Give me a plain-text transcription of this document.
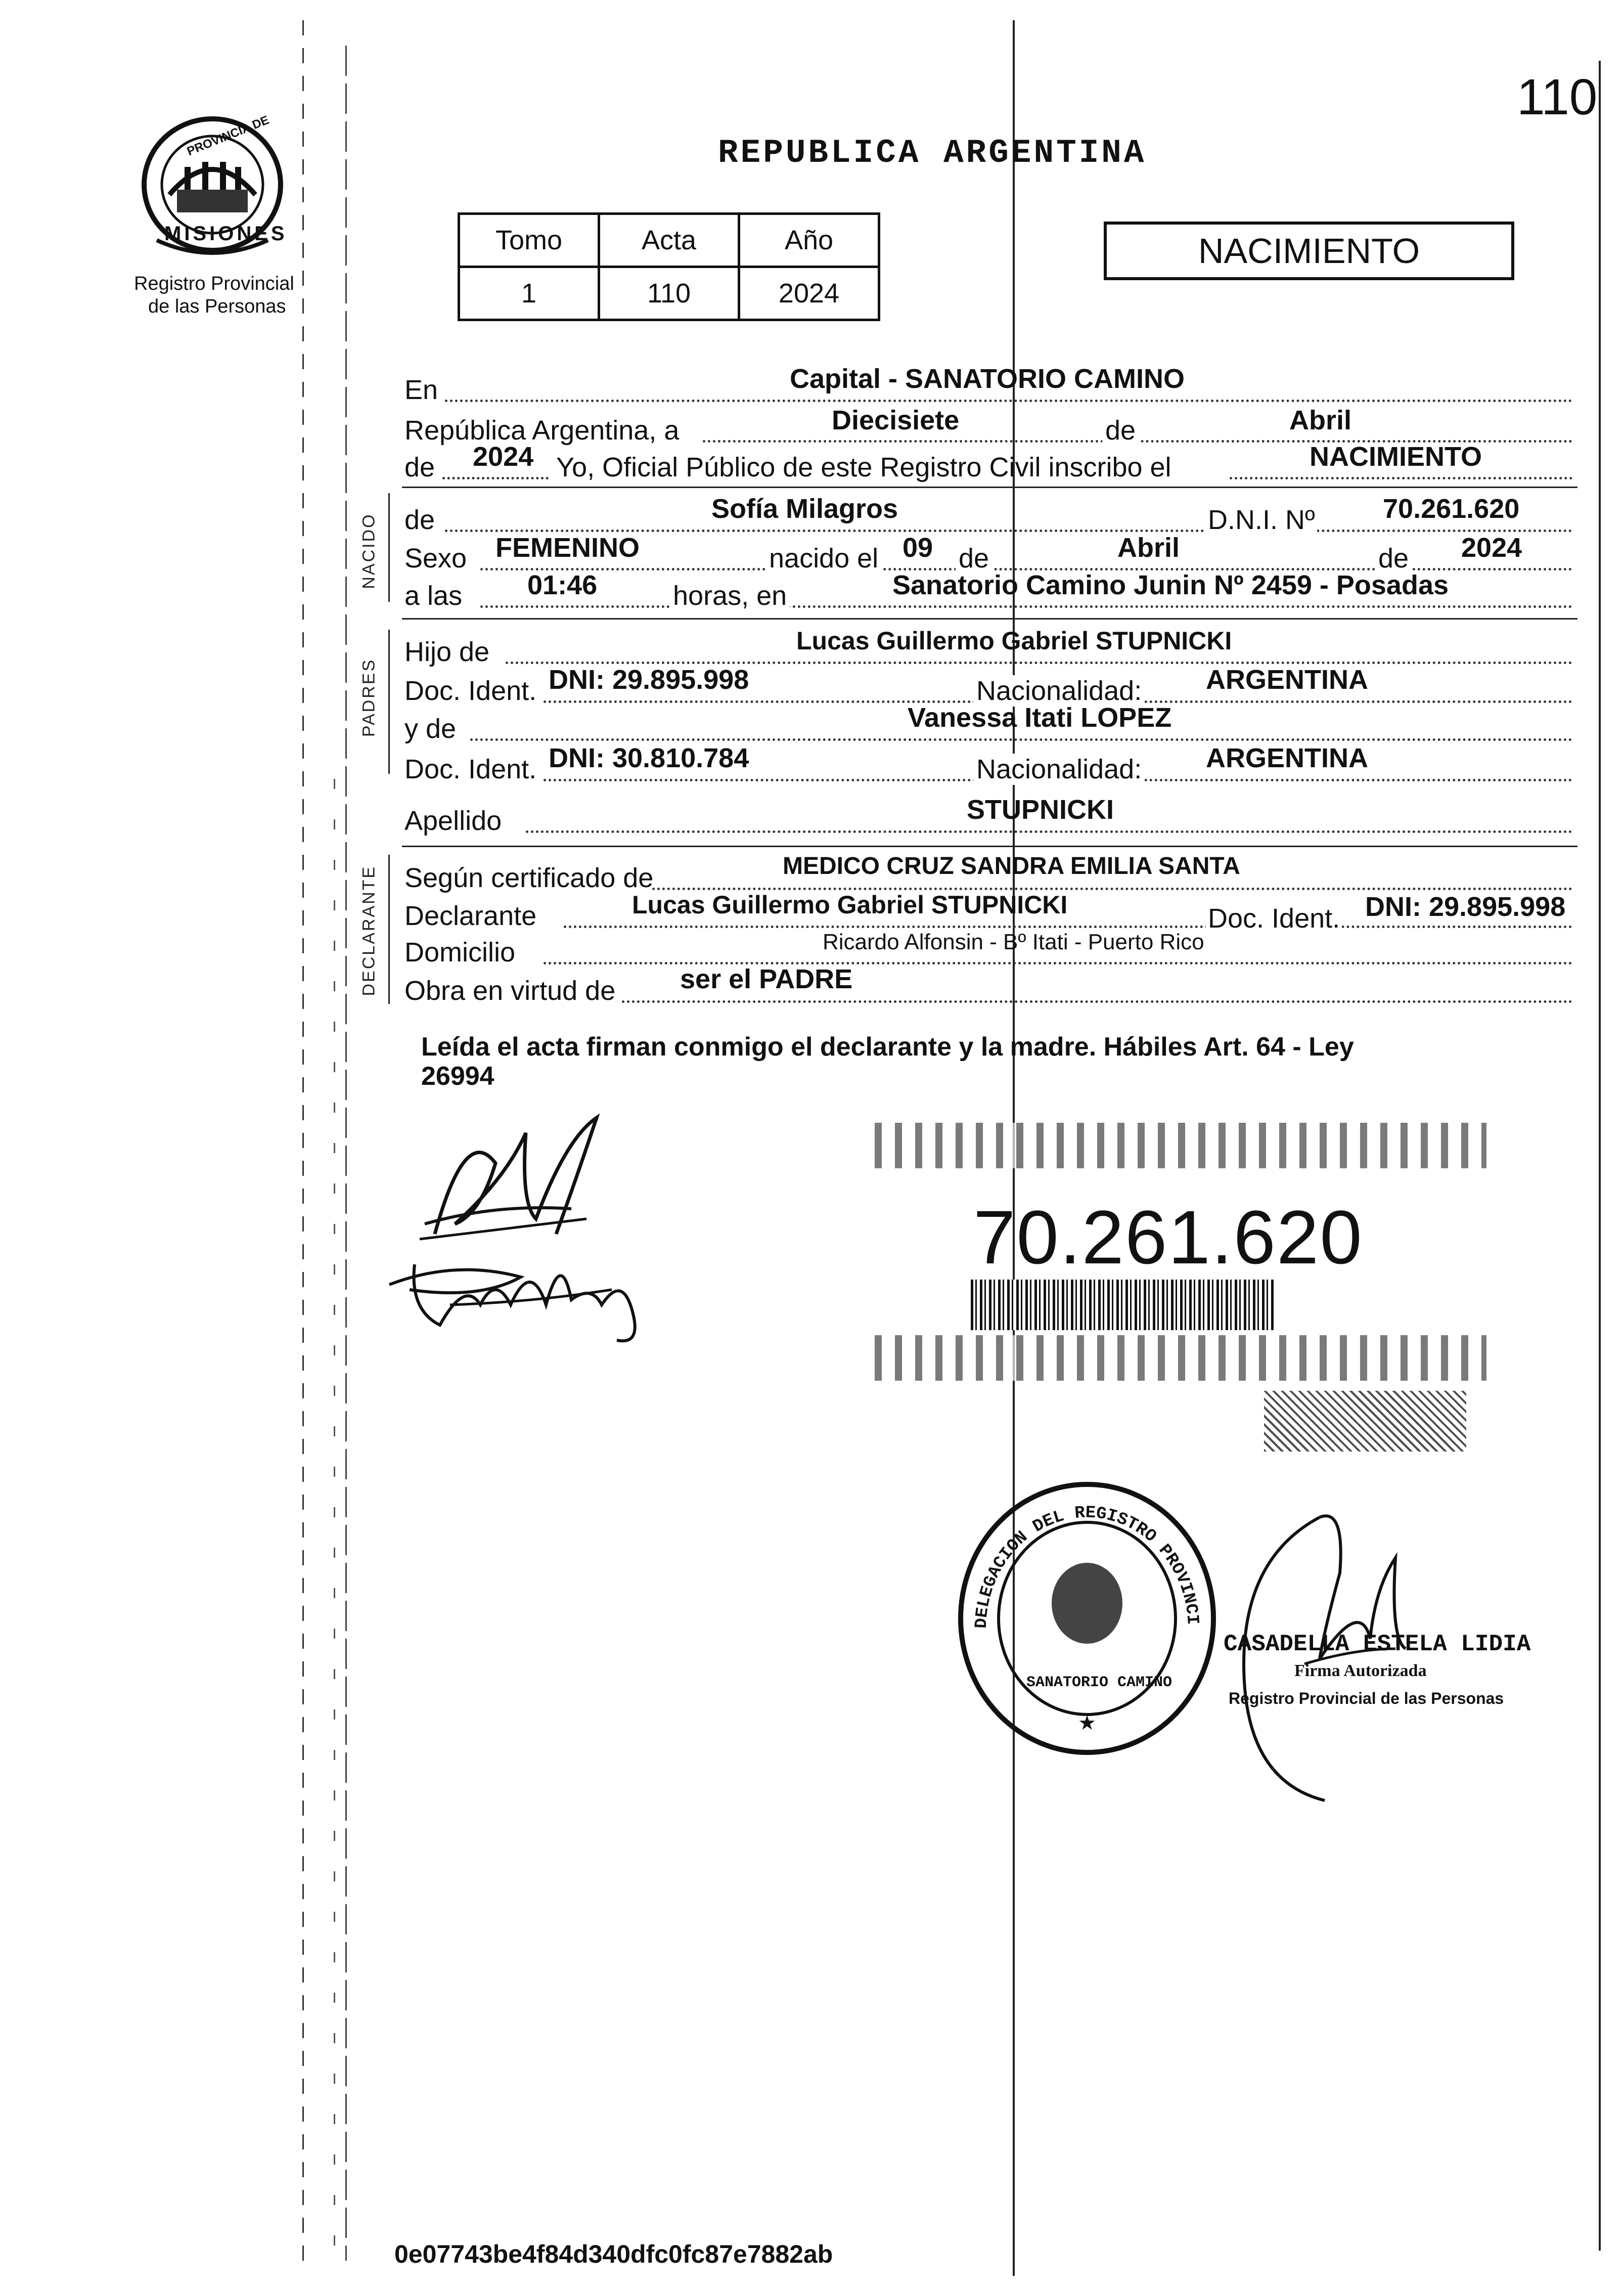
110
PROVINCIA DE
MISIONES
Registro Provincial
de las Personas
REPUBLICA ARGENTINA
Tomo	Acta	Año
1	110	2024
NACIMIENTO
En	Capital - SANATORIO CAMINO
República Argentina, a	Diecisiete	de	Abril
de 2024 Yo, Oficial Público de este Registro Civil inscribo el	NACIMIENTO
NACIDO de	Sofía Milagros	D.N.I. Nº 70.261.620
Sexo FEMENINO	nacido el 09 de	Abril	de 2024
a las 01:46	horas, en	Sanatorio Camino Junin Nº 2459 - Posadas
PADRES
Hijo de	Lucas Guillermo Gabriel STUPNICKI
Doc. Ident. DNI: 29.895.998	Nacionalidad: ARGENTINA
y de	Vanessa Itati LOPEZ
Doc. Ident. DNI: 30.810.784	Nacionalidad: ARGENTINA
Apellido	STUPNICKI
DECLARANTE Según certificado de	MEDICO CRUZ SANDRA EMILIA SANTA
Declarante	Lucas Guillermo Gabriel STUPNICKI	Doc. Ident. DNI: 29.895.998
Domicilio	Ricardo Alfonsin - Bº Itati - Puerto Rico
Obra en virtud de ser el PADRE
Leída el acta firman conmigo el declarante y la madre. Hábiles Art. 64 - Ley
26994
70.261.620
DELEGACION DEL REGISTRO PROVINCI
★
SANATORIO CAMINO
CASADELLA ESTELA LIDIA
Firma Autorizada
Registro Provincial de las Personas
0e07743be4f84d340dfc0fc87e7882ab
